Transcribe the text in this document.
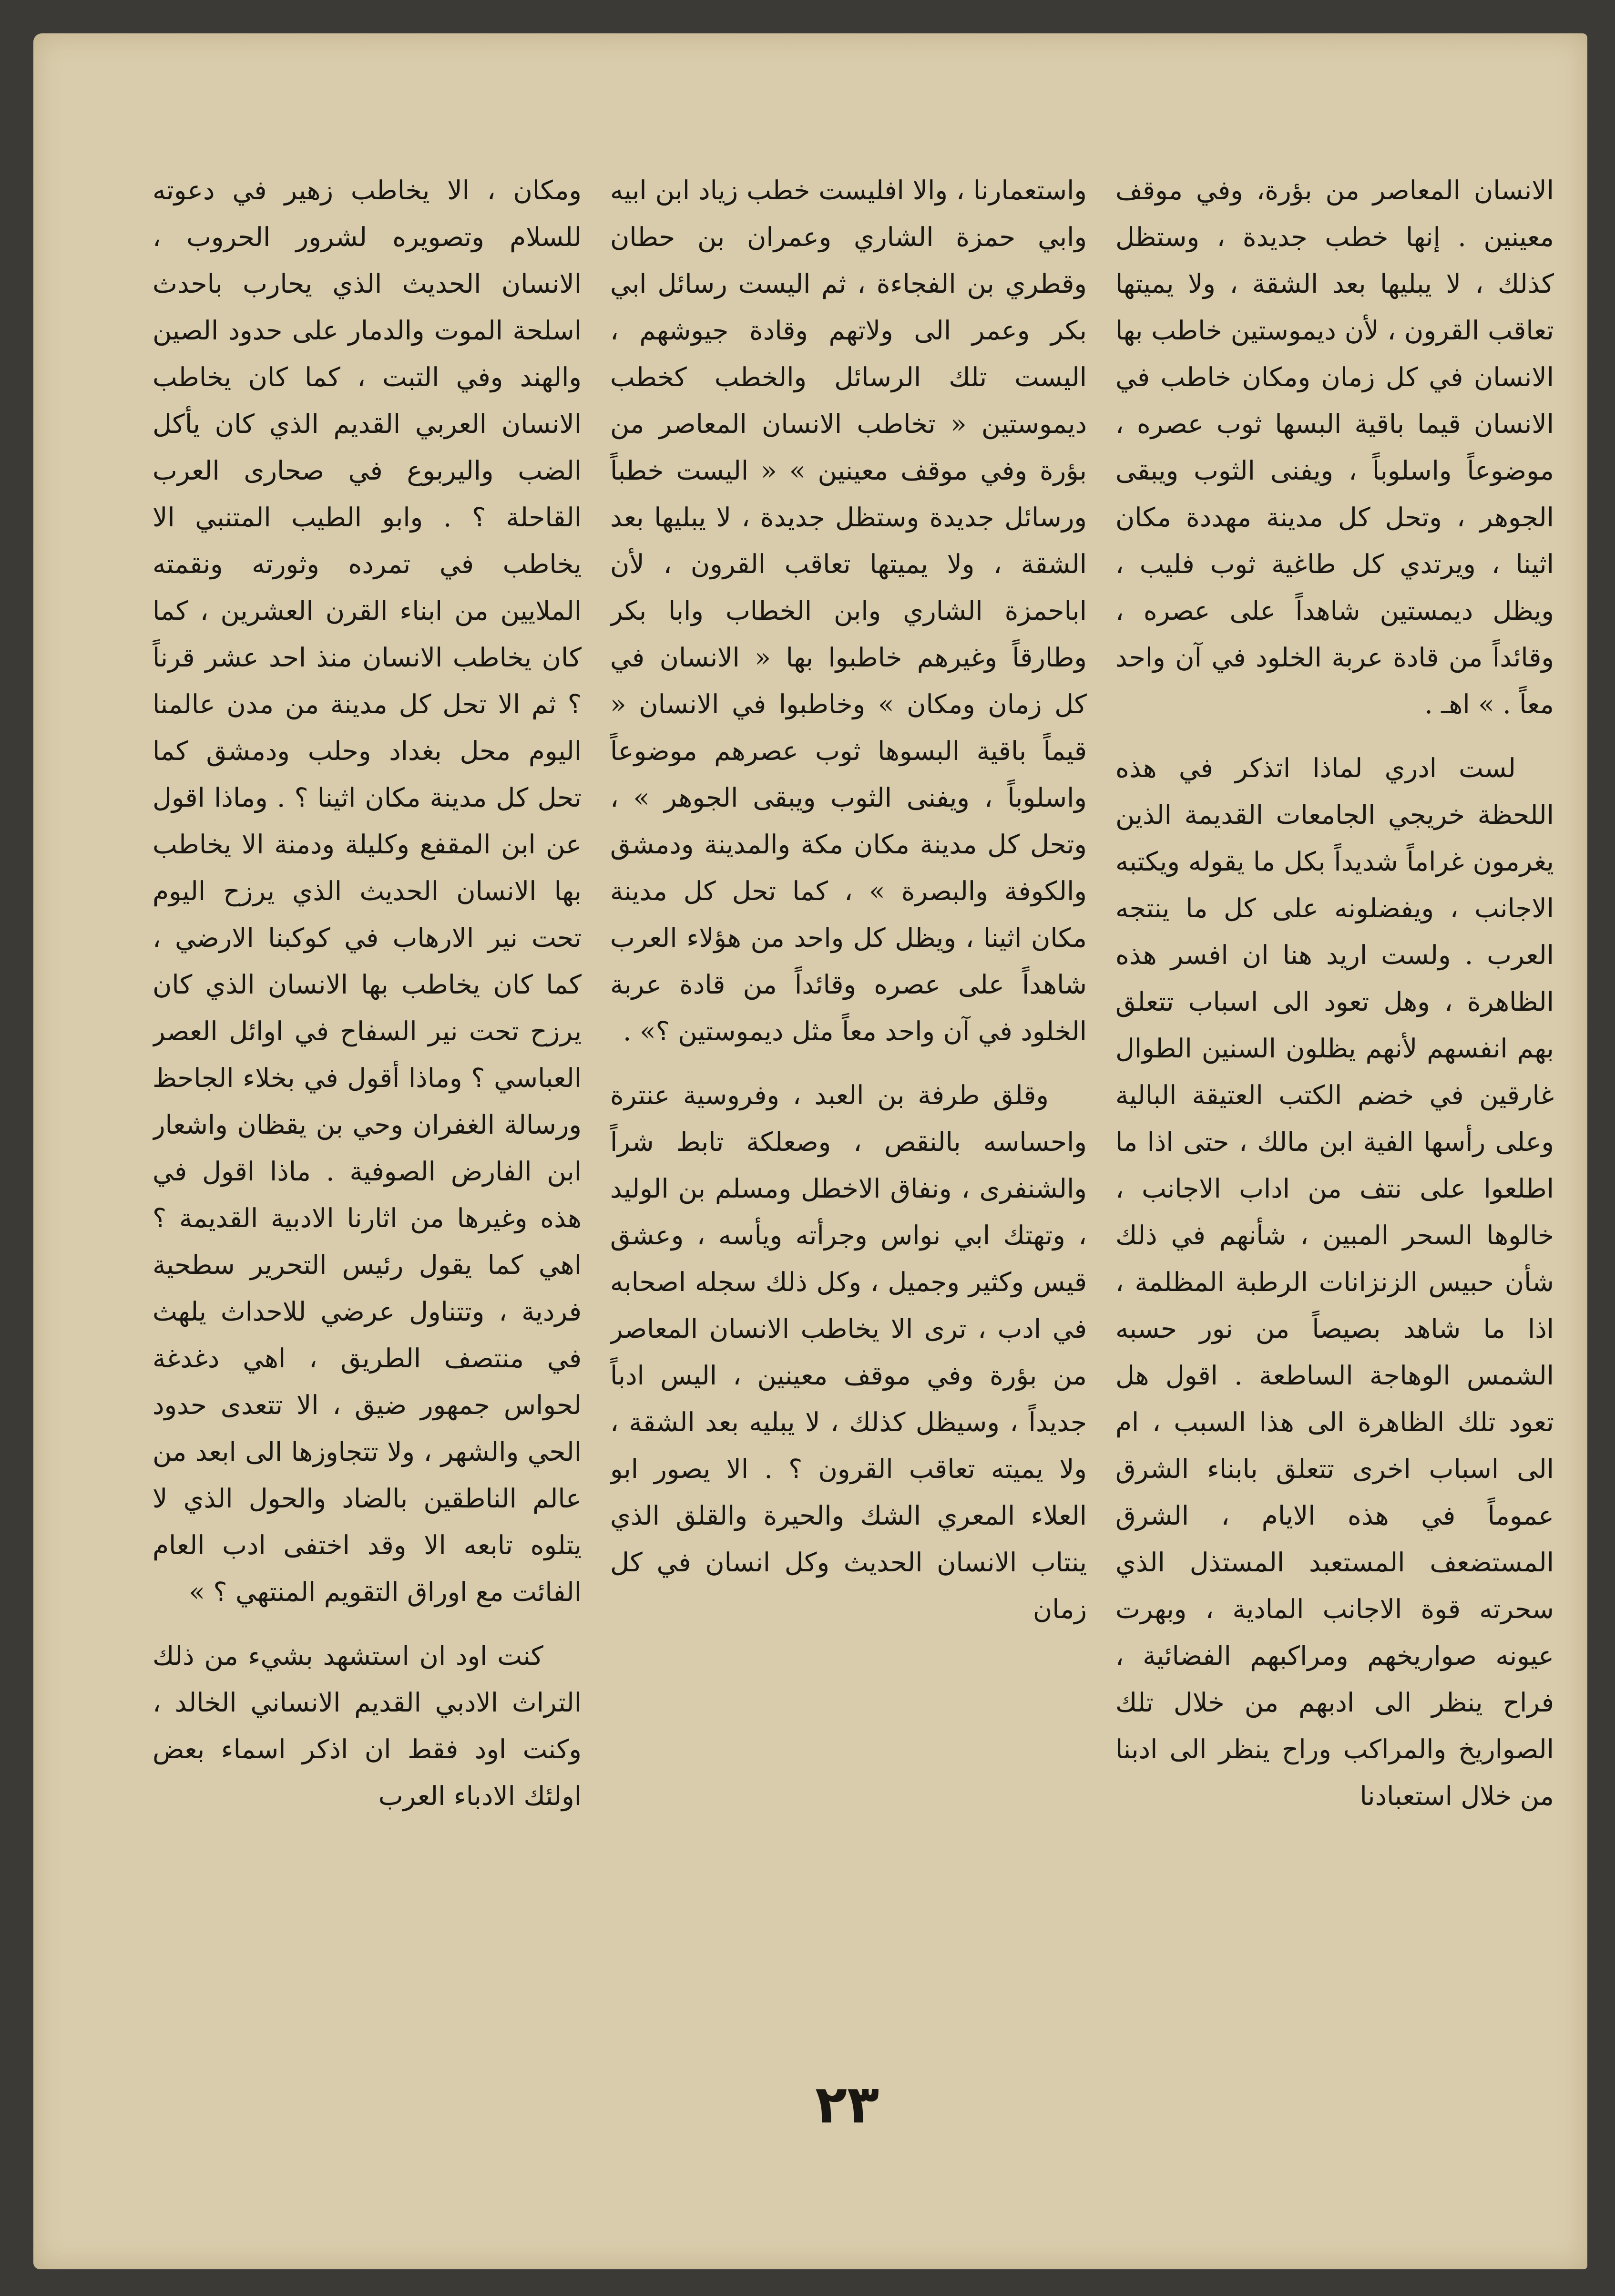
الانسان المعاصر من بؤرة، وفي موقف معينين . إنها خطب جديدة ، وستظل كذلك ، لا يبليها بعد الشقة ، ولا يميتها تعاقب القرون ، لأن ديموستين خاطب بها الانسان في كل زمان ومكان خاطب في الانسان قيما باقية البسها ثوب عصره ، موضوعاً واسلوباً ، ويفنى الثوب ويبقى الجوهر ، وتحل كل مدينة مهددة مكان اثينا ، ويرتدي كل طاغية ثوب فليب ، ويظل ديمستين شاهداً على عصره ، وقائداً من قادة عربة الخلود في آن واحد معاً . » اهـ .

لست ادري لماذا اتذكر في هذه اللحظة خريجي الجامعات القديمة الذين يغرمون غراماً شديداً بكل ما يقوله ويكتبه الاجانب ، ويفضلونه على كل ما ينتجه العرب . ولست اريد هنا ان افسر هذه الظاهرة ، وهل تعود الى اسباب تتعلق بهم انفسهم لأنهم يظلون السنين الطوال غارقين في خضم الكتب العتيقة البالية وعلى رأسها الفية ابن مالك ، حتى اذا ما اطلعوا على نتف من اداب الاجانب ، خالوها السحر المبين ، شأنهم في ذلك شأن حبيس الزنزانات الرطبة المظلمة ، اذا ما شاهد بصيصاً من نور حسبه الشمس الوهاجة الساطعة . اقول هل تعود تلك الظاهرة الى هذا السبب ، ام الى اسباب اخرى تتعلق بابناء الشرق عموماً في هذه الايام ، الشرق المستضعف المستعبد المستذل الذي سحرته قوة الاجانب المادية ، وبهرت عيونه صواريخهم ومراكبهم الفضائية ، فراح ينظر الى ادبهم من خلال تلك الصواريخ والمراكب وراح ينظر الى ادبنا من خلال استعبادنا

واستعمارنا ، والا افليست خطب زياد ابن ابيه وابي حمزة الشاري وعمران بن حطان وقطري بن الفجاءة ، ثم اليست رسائل ابي بكر وعمر الى ولاتهم وقادة جيوشهم ، اليست تلك الرسائل والخطب كخطب ديموستين « تخاطب الانسان المعاصر من بؤرة وفي موقف معينين » « اليست خطباً ورسائل جديدة وستظل جديدة ، لا يبليها بعد الشقة ، ولا يميتها تعاقب القرون ، لأن اباحمزة الشاري وابن الخطاب وابا بكر وطارقاً وغيرهم خاطبوا بها « الانسان في كل زمان ومكان » وخاطبوا في الانسان « قيماً باقية البسوها ثوب عصرهم موضوعاً واسلوباً ، ويفنى الثوب ويبقى الجوهر » ، وتحل كل مدينة مكان مكة والمدينة ودمشق والكوفة والبصرة » ، كما تحل كل مدينة مكان اثينا ، ويظل كل واحد من هؤلاء العرب شاهداً على عصره وقائداً من قادة عربة الخلود في آن واحد معاً مثل ديموستين ؟» .

وقلق طرفة بن العبد ، وفروسية عنترة واحساسه بالنقص ، وصعلكة تابط شراً والشنفرى ، ونفاق الاخطل ومسلم بن الوليد ، وتهتك ابي نواس وجرأته ويأسه ، وعشق قيس وكثير وجميل ، وكل ذلك سجله اصحابه في ادب ، ترى الا يخاطب الانسان المعاصر من بؤرة وفي موقف معينين ، اليس ادباً جديداً ، وسيظل كذلك ، لا يبليه بعد الشقة ، ولا يميته تعاقب القرون ؟ . الا يصور ابو العلاء المعري الشك والحيرة والقلق الذي ينتاب الانسان الحديث وكل انسان في كل زمان

ومكان ، الا يخاطب زهير في دعوته للسلام وتصويره لشرور الحروب ، الانسان الحديث الذي يحارب باحدث اسلحة الموت والدمار على حدود الصين والهند وفي التبت ، كما كان يخاطب الانسان العربي القديم الذي كان يأكل الضب واليربوع في صحارى العرب القاحلة ؟ . وابو الطيب المتنبي الا يخاطب في تمرده وثورته ونقمته الملايين من ابناء القرن العشرين ، كما كان يخاطب الانسان منذ احد عشر قرناً ؟ ثم الا تحل كل مدينة من مدن عالمنا اليوم محل بغداد وحلب ودمشق كما تحل كل مدينة مكان اثينا ؟ . وماذا اقول عن ابن المقفع وكليلة ودمنة الا يخاطب بها الانسان الحديث الذي يرزح اليوم تحت نير الارهاب في كوكبنا الارضي ، كما كان يخاطب بها الانسان الذي كان يرزح تحت نير السفاح في اوائل العصر العباسي ؟ وماذا أقول في بخلاء الجاحظ ورسالة الغفران وحي بن يقظان واشعار ابن الفارض الصوفية . ماذا اقول في هذه وغيرها من اثارنا الادبية القديمة ؟ اهي كما يقول رئيس التحرير سطحية فردية ، وتتناول عرضي للاحداث يلهث في منتصف الطريق ، اهي دغدغة لحواس جمهور ضيق ، الا تتعدى حدود الحي والشهر ، ولا تتجاوزها الى ابعد من عالم الناطقين بالضاد والحول الذي لا يتلوه تابعه الا وقد اختفى ادب العام الفائت مع اوراق التقويم المنتهي ؟ »

كنت اود ان استشهد بشيء من ذلك التراث الادبي القديم الانساني الخالد ، وكنت اود فقط ان اذكر اسماء بعض اولئك الادباء العرب

٢٣
